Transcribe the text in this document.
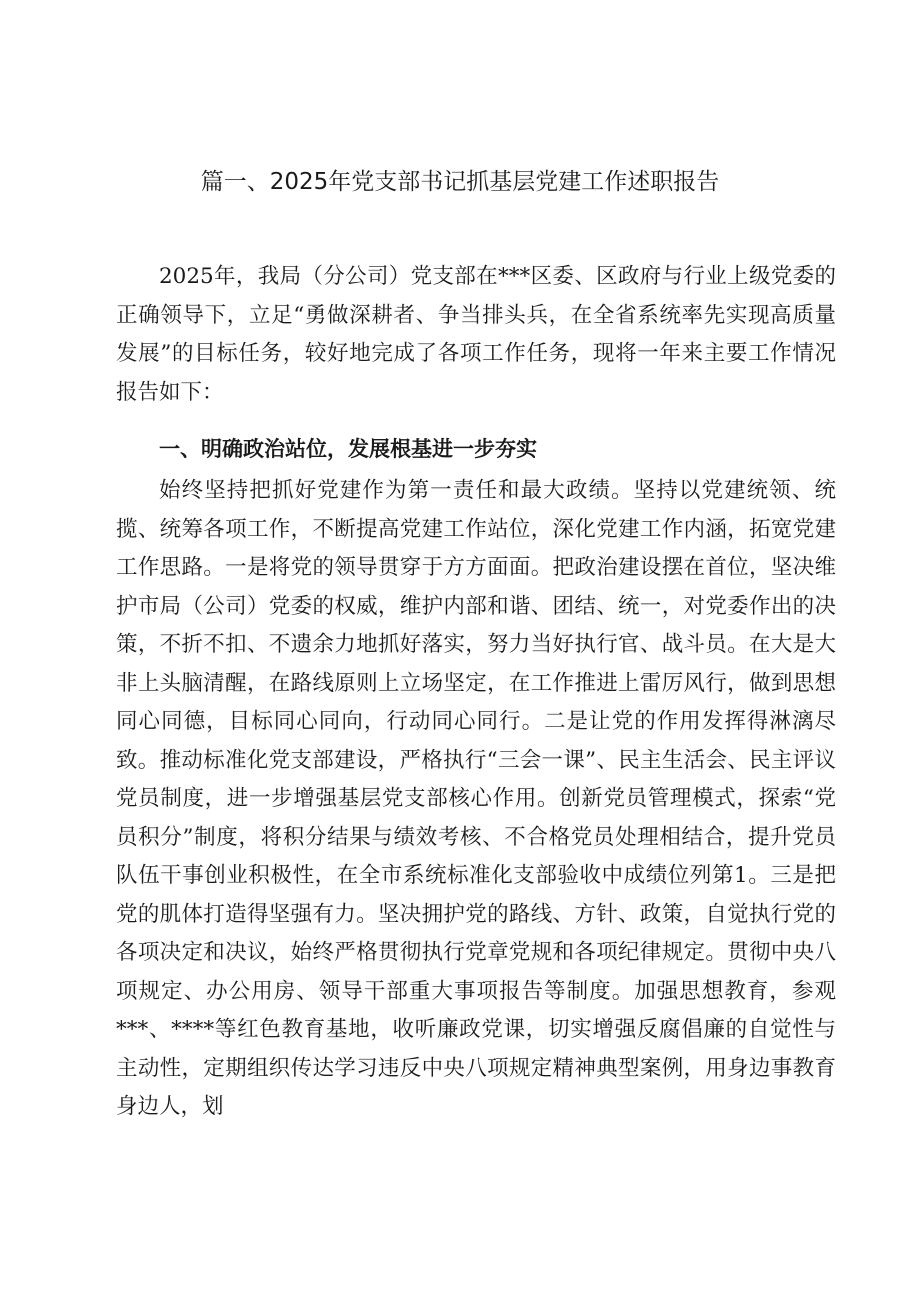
篇一、2025年党支部书记抓基层党建工作述职报告

2025年，我局（分公司）党支部在***区委、区政府与行业上级党委的正确领导下，立足“勇做深耕者、争当排头兵，在全省系统率先实现高质量发展”的目标任务，较好地完成了各项工作任务，现将一年来主要工作情况报告如下：

一、明确政治站位，发展根基进一步夯实

始终坚持把抓好党建作为第一责任和最大政绩。坚持以党建统领、统揽、统筹各项工作，不断提高党建工作站位，深化党建工作内涵，拓宽党建工作思路。一是将党的领导贯穿于方方面面。把政治建设摆在首位，坚决维护市局（公司）党委的权威，维护内部和谐、团结、统一，对党委作出的决策，不折不扣、不遗余力地抓好落实，努力当好执行官、战斗员。在大是大非上头脑清醒，在路线原则上立场坚定，在工作推进上雷厉风行，做到思想同心同德，目标同心同向，行动同心同行。二是让党的作用发挥得淋漓尽致。推动标准化党支部建设，严格执行“三会一课”、民主生活会、民主评议党员制度，进一步增强基层党支部核心作用。创新党员管理模式，探索“党员积分”制度，将积分结果与绩效考核、不合格党员处理相结合，提升党员队伍干事创业积极性，在全市系统标准化支部验收中成绩位列第1。三是把党的肌体打造得坚强有力。坚决拥护党的路线、方针、政策，自觉执行党的各项决定和决议，始终严格贯彻执行党章党规和各项纪律规定。贯彻中央八项规定、办公用房、领导干部重大事项报告等制度。加强思想教育，参观***、****等红色教育基地，收听廉政党课，切实增强反腐倡廉的自觉性与主动性，定期组织传达学习违反中央八项规定精神典型案例，用身边事教育身边人，划
